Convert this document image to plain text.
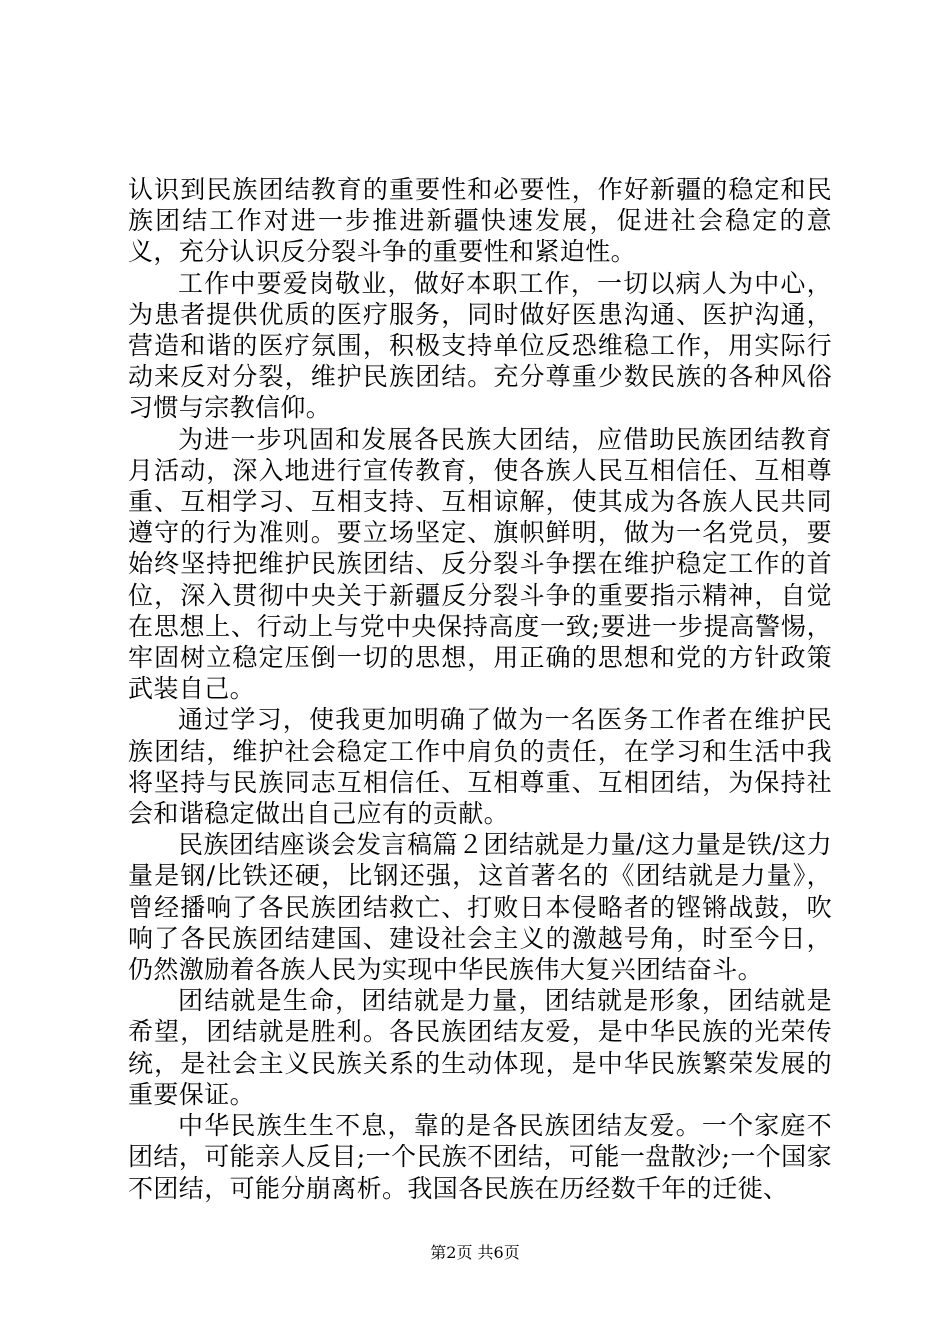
认识到民族团结教育的重要性和必要性，作好新疆的稳定和民族团结工作对进一步推进新疆快速发展，促进社会稳定的意义，充分认识反分裂斗争的重要性和紧迫性。

工作中要爱岗敬业，做好本职工作，一切以病人为中心，为患者提供优质的医疗服务，同时做好医患沟通、医护沟通，营造和谐的医疗氛围，积极支持单位反恐维稳工作，用实际行动来反对分裂，维护民族团结。充分尊重少数民族的各种风俗习惯与宗教信仰。

为进一步巩固和发展各民族大团结，应借助民族团结教育月活动，深入地进行宣传教育，使各族人民互相信任、互相尊重、互相学习、互相支持、互相谅解，使其成为各族人民共同遵守的行为准则。要立场坚定、旗帜鲜明，做为一名党员，要始终坚持把维护民族团结、反分裂斗争摆在维护稳定工作的首位，深入贯彻中央关于新疆反分裂斗争的重要指示精神，自觉在思想上、行动上与党中央保持高度一致;要进一步提高警惕，牢固树立稳定压倒一切的思想，用正确的思想和党的方针政策武装自己。

通过学习，使我更加明确了做为一名医务工作者在维护民族团结，维护社会稳定工作中肩负的责任，在学习和生活中我将坚持与民族同志互相信任、互相尊重、互相团结，为保持社会和谐稳定做出自己应有的贡献。

民族团结座谈会发言稿篇２团结就是力量/这力量是铁/这力量是钢/比铁还硬，比钢还强，这首著名的《团结就是力量》，曾经播响了各民族团结救亡、打败日本侵略者的铿锵战鼓，吹响了各民族团结建国、建设社会主义的激越号角，时至今日，仍然激励着各族人民为实现中华民族伟大复兴团结奋斗。

团结就是生命，团结就是力量，团结就是形象，团结就是希望，团结就是胜利。各民族团结友爱，是中华民族的光荣传统，是社会主义民族关系的生动体现，是中华民族繁荣发展的重要保证。

中华民族生生不息，靠的是各民族团结友爱。一个家庭不团结，可能亲人反目;一个民族不团结，可能一盘散沙;一个国家不团结，可能分崩离析。我国各民族在历经数千年的迁徙、

第2页 共6页
